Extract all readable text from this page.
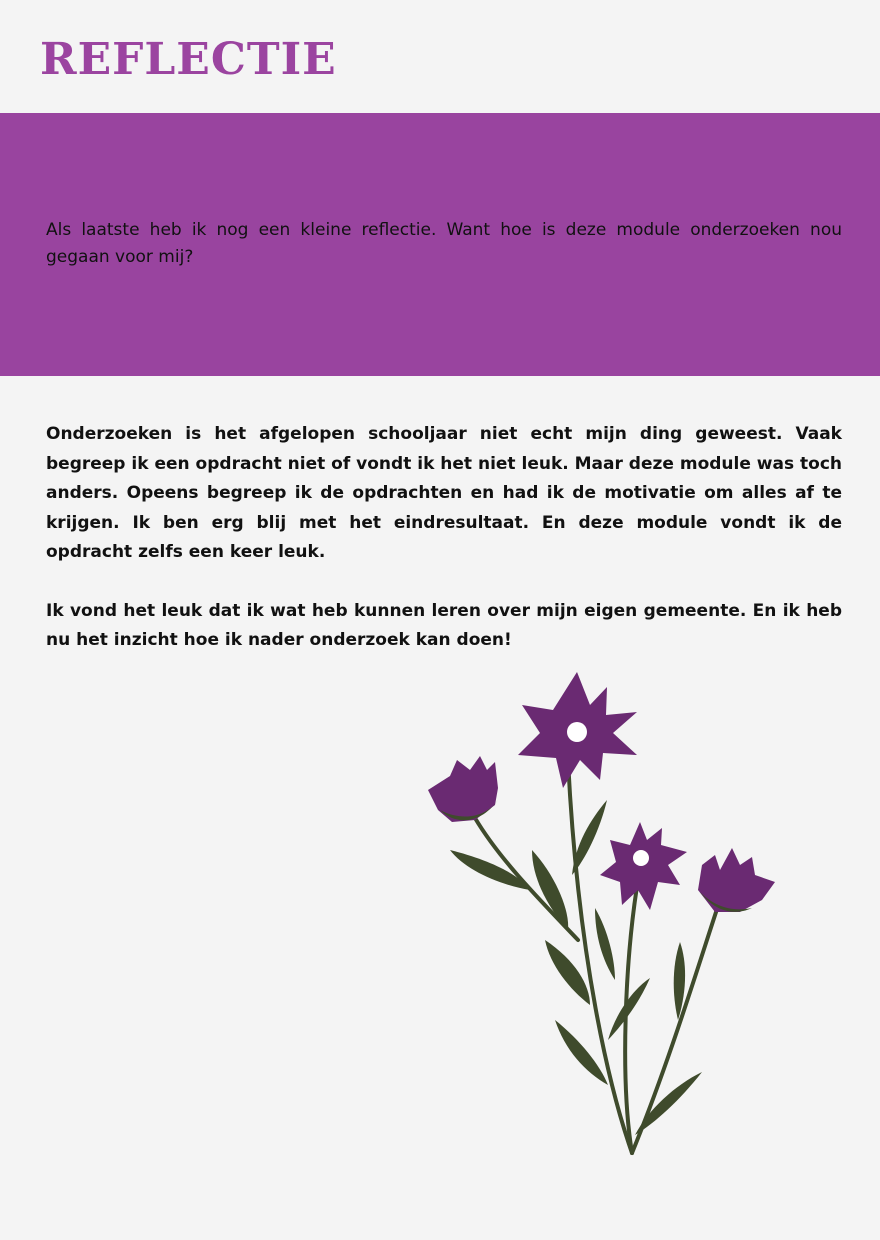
REFLECTIE

Als laatste heb ik nog een kleine reflectie. Want hoe is deze module onderzoeken nou gegaan voor mij?

Onderzoeken is het afgelopen schooljaar niet echt mijn ding geweest. Vaak begreep ik een opdracht niet of vondt ik het niet leuk. Maar deze module was toch anders. Opeens begreep ik de opdrachten en had ik de motivatie om alles af te krijgen. Ik ben erg blij met het eindresultaat. En deze module vondt ik de opdracht zelfs een keer leuk.

Ik vond het leuk dat ik wat heb kunnen leren over mijn eigen gemeente. En ik heb nu het inzicht hoe ik nader onderzoek kan doen!
